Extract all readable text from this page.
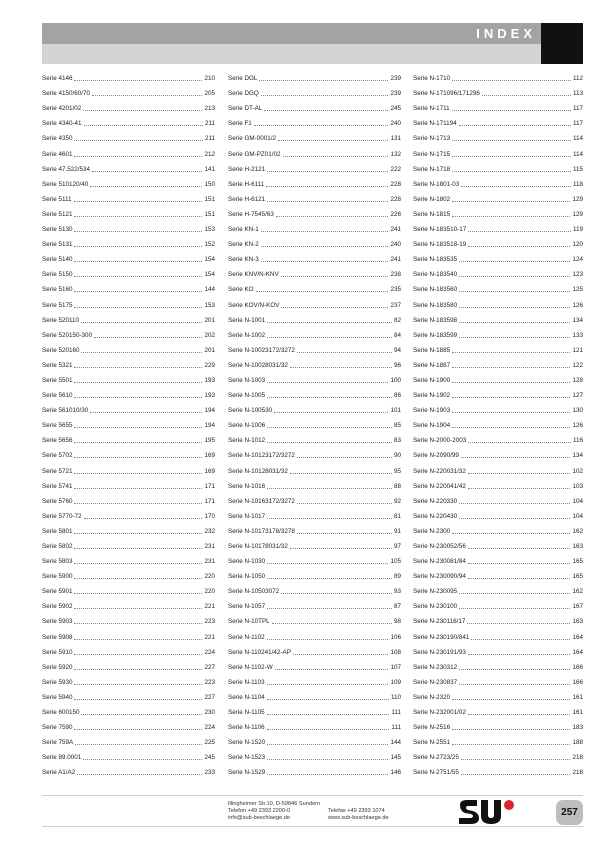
INDEX
Serie 4146	210
Serie 4150/60/70	205
Serie 4201/02	213
Serie 4340-41	211
Serie 4350	211
Serie 4601	212
Serie 47.522/534	141
Serie 510120/40	150
Serie 5111	151
Serie 5121	151
Serie 5130	153
Serie 5131	152
Serie 5140	154
Serie 5150	154
Serie 5160	144
Serie 5175	153
Serie 520110	201
Serie 520150-300	202
Serie 520160	201
Serie 5321	229
Serie 5501	193
Serie 5610	193
Serie 561010/30	194
Serie 5655	194
Serie 5656	195
Serie 5702	169
Serie 5721	169
Serie 5741	171
Serie 5760	171
Serie 5770-72	170
Serie 5801	232
Serie 5802	231
Serie 5803	231
Serie 5900	220
Serie 5901	220
Serie 5902	221
Serie 5903	223
Serie 5908	221
Serie 5910	224
Serie 5920	227
Serie 5930	223
Serie 5940	227
Serie 600150	230
Serie 7590	224
Serie 759A	225
Serie 89.0001	245
Serie A1/A2	233
Serie DGL	239
Serie DGQ	239
Serie DT-AL	245
Serie F1	240
Serie GM-0001/2	131
Serie GM-PZ01/02	132
Serie H-2121	222
Serie H-6111	228
Serie H-6121	228
Serie H-7545/63	226
Serie KN-1	241
Serie KN-2	240
Serie KN-3	241
Serie KNV/N-KNV	238
Serie KO	235
Serie KOV/N-KOV	237
Serie N-1001	82
Serie N-1002	84
Serie N-10023172/3272	94
Serie N-10028031/32	96
Serie N-1003	100
Serie N-1005	86
Serie N-100530	101
Serie N-1006	85
Serie N-1012	83
Serie N-10123172/3272	90
Serie N-10128031/32	95
Serie N-1016	88
Serie N-10163172/3272	92
Serie N-1017	81
Serie N-10173178/3278	91
Serie N-10178031/32	97
Serie N-1030	105
Serie N-1050	89
Serie N-10503072	93
Serie N-1057	87
Serie N-10TPL	98
Serie N-1102	106
Serie N-110241/42-AP	108
Serie N-1102-W	107
Serie N-1103	109
Serie N-1104	110
Serie N-1105	111
Serie N-1106	111
Serie N-1520	144
Serie N-1523	145
Serie N-1529	146
Serie N-1710	112
Serie N-171096/171296	113
Serie N-1711	117
Serie N-171194	117
Serie N-1713	114
Serie N-1715	114
Serie N-1718	115
Serie N-1801-03	118
Serie N-1802	129
Serie N-1815	129
Serie N-183510-17	119
Serie N-183518-19	120
Serie N-183535	124
Serie N-183540	123
Serie N-183560	125
Serie N-183580	126
Serie N-183598	134
Serie N-183599	133
Serie N-1885	121
Serie N-1887	122
Serie N-1900	128
Serie N-1902	127
Serie N-1903	130
Serie N-1904	126
Serie N-2000-2003	116
Serie N-2090/99	134
Serie N-220031/32	102
Serie N-220041/42	103
Serie N-220330	104
Serie N-220430	104
Serie N-2300	162
Serie N-230052/56	163
Serie N-230081/84	165
Serie N-230090/94	165
Serie N-230095	162
Serie N-230100	167
Serie N-230116/17	163
Serie N-230190/841	164
Serie N-230191/93	164
Serie N-230312	166
Serie N-230837	166
Serie N-2320	161
Serie N-232001/02	161
Serie N-2516	183
Serie N-2551	188
Serie N-2723/25	218
Serie N-2751/55	218
Illingheimer Str.10, D-59846 Sundern
Telefon +49 2393 2200-0	Telefax +49 2393 1074
info@sub-beschlaege.de	www.sub-beschlaege.de	257
